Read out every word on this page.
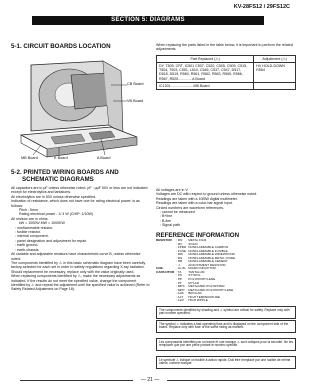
KV-28FS12 / 29FS12C
SECTION 5: DIAGRAMS
5-1. CIRCUIT BOARDS LOCATION
CB Board
VB Board
MB Board	K Board	A Board
5-2. PRINTED WIRING BOARDS AND
SCHEMATIC DIAGRAMS
All capacitors are in µF unless otherwise noted. pF : µµF 50V or less are not indicated except for electrolytics and tantalums.
All electrolytics are in 50V unless otherwise specified.
Indication of resistance, which does not have one for rating electrical power, is as follows:
Pitch : 5mm
Rating electrical power : 1/ 4 W (CHIP: 1/10W)
All resistor are in ohms.
kW = 1000W MW = 1000KW
: nonflammable resistor.
: fusible resistor.
: internal component.
: panel designation and adjustment for repair.
: earth ground.
: earth-chassis.
All variable and adjustable resistors have characteristic curve B, unless otherwise noted.
The components identified by ⚠ in this basic schematic diagram have been carefully factory-selected for each set in order to satisfy regulations regarding X-ray radiation. Should replacement be necessary, replace only with the value originally used.
When replacing components identified by ⚠, make the necessary adjustments as indicated. If the results do not meet the specified value, change the component identified by ⚠ and repeat the adjustment until the specified value is achieved (Refer to Safety Related Adjustment on Page 18).
When replacing the parts listed in the table below, it is important to perform the related adjustments.
Part Replaced (⚠)	Adjustment (⚠)
DY, T505, CRT, IC501 C507, C520, C505, C509, C515, T504, T503, C551, L510, C546, C537, C547, D517, D518, D519, R560, R561, R562, R563, R565, R566, R567, R525..............A Board	HV HOLD-DOWN R564
IC1301.......................MB Board	
All voltages are in V.
Voltages are DC with respect to ground unless otherwise noted.
Readings are taken with a 10MW digital multimeter.
Readings are taken with a color-bar signal input.
Circled numbers are waveform references.
: cannot be measured
: B+line
: B-line
: Signal path
REFERENCE INFORMATION
RESISTOR	: RN	METAL FILM
	: RC	SOLID
	: FPRD	NONFLAMMABLE CARBON
	: FUSE	NONFLAMMABLE FUSIBLE
	: RW	NONFLAMMABLE WIREWOUND
	: RS	NONFLAMMABLE METAL OXIDE
	: RB	NONFLAMMABLE CEMENT
	: ⚠	ADJUSTMENT RESISTOR
COIL	: LF-8L	MICRO INDUCTOR
CAPACITOR	: TA	TANTALUM
	: PS	STYROL
	: PP	POLYPROPYLENE
	: PT	MYLAR
	: MPS	METALIZED POLYESTER
	: MPP	METALIZED POLYPROPYLENE
	: ALB	BIPOLAR
	: ALT	HIGH TEMPERATURE
	: ALR	HIGH RIPPLE
The components identified by shading and ⚠ symbol are critical for safety. Replace only with part number specified.
The symbol ⚠ indicates a fast operating fuse and is displayed on the component side of the board. Replace only with fuse of the same rating as marked.
Les composants identifiés par un trame et une marque ⚠ sont critiques pour la sécurité. Ne les remplacer que par une pièce portant le numéro spécifié.
Le symbole ⚠ indique un fusible à action rapide. Doit être remplacé par une fusible de même valeur, comme marqué.
— 21 —
